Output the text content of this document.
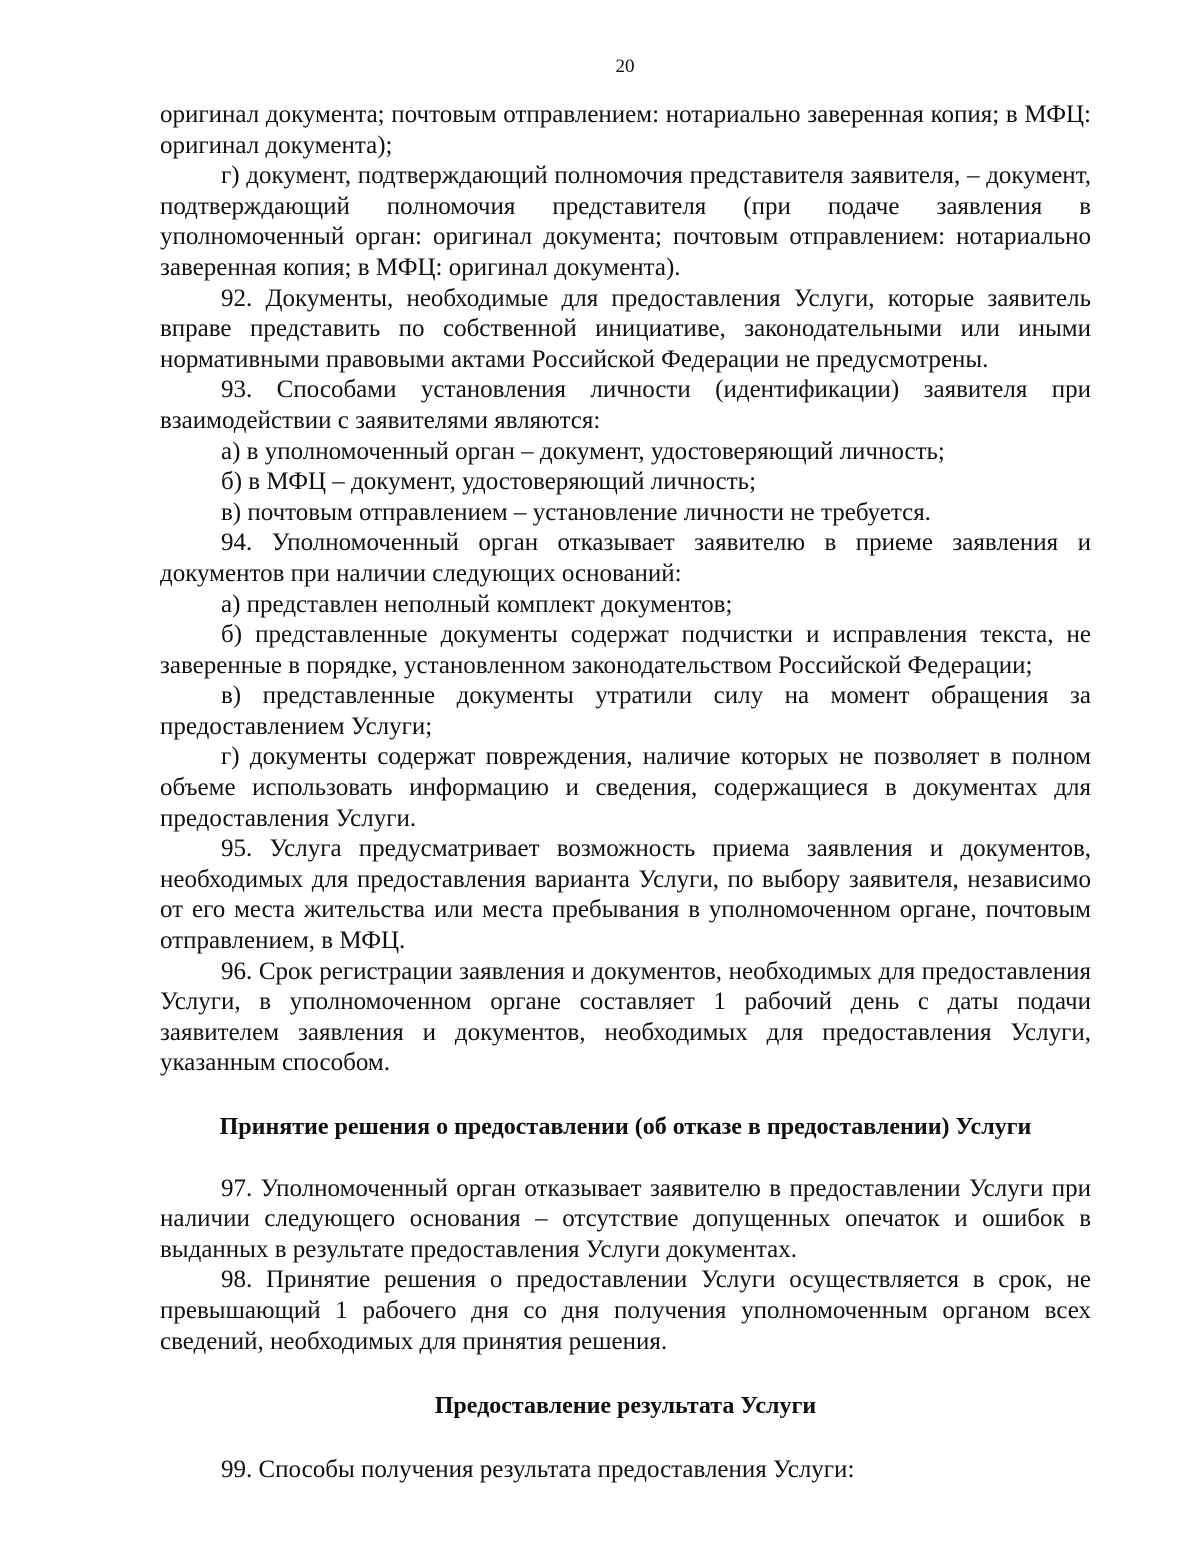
20

оригинал документа; почтовым отправлением: нотариально заверенная копия; в МФЦ: оригинал документа);

г) документ, подтверждающий полномочия представителя заявителя, – документ, подтверждающий полномочия представителя (при подаче заявления в уполномоченный орган: оригинал документа; почтовым отправлением: нотариально заверенная копия; в МФЦ: оригинал документа).

92. Документы, необходимые для предоставления Услуги, которые заявитель вправе представить по собственной инициативе, законодательными или иными нормативными правовыми актами Российской Федерации не предусмотрены.

93. Способами установления личности (идентификации) заявителя при взаимодействии с заявителями являются:

а) в уполномоченный орган – документ, удостоверяющий личность;

б) в МФЦ – документ, удостоверяющий личность;

в) почтовым отправлением – установление личности не требуется.

94. Уполномоченный орган отказывает заявителю в приеме заявления и документов при наличии следующих оснований:

а) представлен неполный комплект документов;

б) представленные документы содержат подчистки и исправления текста, не заверенные в порядке, установленном законодательством Российской Федерации;

в) представленные документы утратили силу на момент обращения за предоставлением Услуги;

г) документы содержат повреждения, наличие которых не позволяет в полном объеме использовать информацию и сведения, содержащиеся в документах для предоставления Услуги.

95. Услуга предусматривает возможность приема заявления и документов, необходимых для предоставления варианта Услуги, по выбору заявителя, независимо от его места жительства или места пребывания в уполномоченном органе, почтовым отправлением, в МФЦ.

96. Срок регистрации заявления и документов, необходимых для предоставления Услуги, в уполномоченном органе составляет 1 рабочий день с даты подачи заявителем заявления и документов, необходимых для предоставления Услуги, указанным способом.

Принятие решения о предоставлении (об отказе в предоставлении) Услуги

97. Уполномоченный орган отказывает заявителю в предоставлении Услуги при наличии следующего основания – отсутствие допущенных опечаток и ошибок в выданных в результате предоставления Услуги документах.

98. Принятие решения о предоставлении Услуги осуществляется в срок, не превышающий 1 рабочего дня со дня получения уполномоченным органом всех сведений, необходимых для принятия решения.

Предоставление результата Услуги

99. Способы получения результата предоставления Услуги:
